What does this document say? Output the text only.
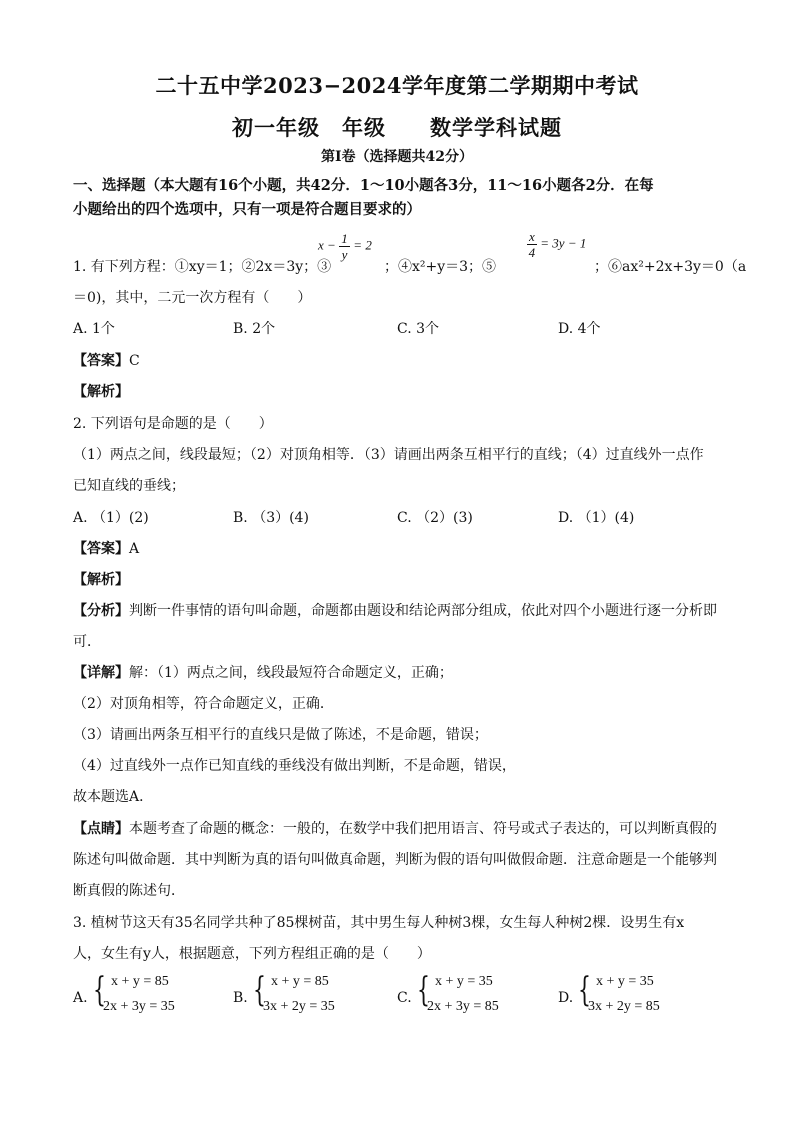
二十五中学2023−2024学年度第二学期期中考试
初一年级　年级　　数学学科试题
第Ⅰ卷（选择题共42分）
一、选择题（本大题有16个小题，共42分．1～10小题各3分，11～16小题各2分．在每
小题给出的四个选项中，只有一项是符合题目要求的）
1. 有下列方程：①xy＝1；②2x＝3y；③
$x - \frac{1}{y} = 2$
；④x²+y＝3；⑤
$\frac{x}{4} = 3y - 1$
；⑥ax²+2x+3y＝0（a
＝0)，其中，二元一次方程有（　　）
A. 1个	B. 2个	C. 3个	D. 4个
【答案】C
【解析】
2. 下列语句是命题的是（　　）
（1）两点之间，线段最短；（2）对顶角相等．（3）请画出两条互相平行的直线；（4）过直线外一点作
已知直线的垂线；
A. （1）(2)	B. （3）(4)	C. （2）(3)	D. （1）(4)
【答案】A
【解析】
【分析】判断一件事情的语句叫命题，命题都由题设和结论两部分组成，依此对四个小题进行逐一分析即
可．
【详解】解：（1）两点之间，线段最短符合命题定义，正确；
（2）对顶角相等，符合命题定义，正确．
（3）请画出两条互相平行的直线只是做了陈述，不是命题，错误；
（4）过直线外一点作已知直线的垂线没有做出判断，不是命题，错误，
故本题选A．
【点睛】本题考查了命题的概念：一般的，在数学中我们把用语言、符号或式子表达的，可以判断真假的
陈述句叫做命题．其中判断为真的语句叫做真命题，判断为假的语句叫做假命题．注意命题是一个能够判
断真假的陈述句．
3. 植树节这天有35名同学共种了85棵树苗，其中男生每人种树3棵，女生每人种树2棵．设男生有x
人，女生有y人，根据题意，下列方程组正确的是（　　）
A. { x + y = 85
2x + 3y = 35
B. { x + y = 85
3x + 2y = 35
C. { x + y = 35
2x + 3y = 85
D. { x + y = 35
3x + 2y = 85
